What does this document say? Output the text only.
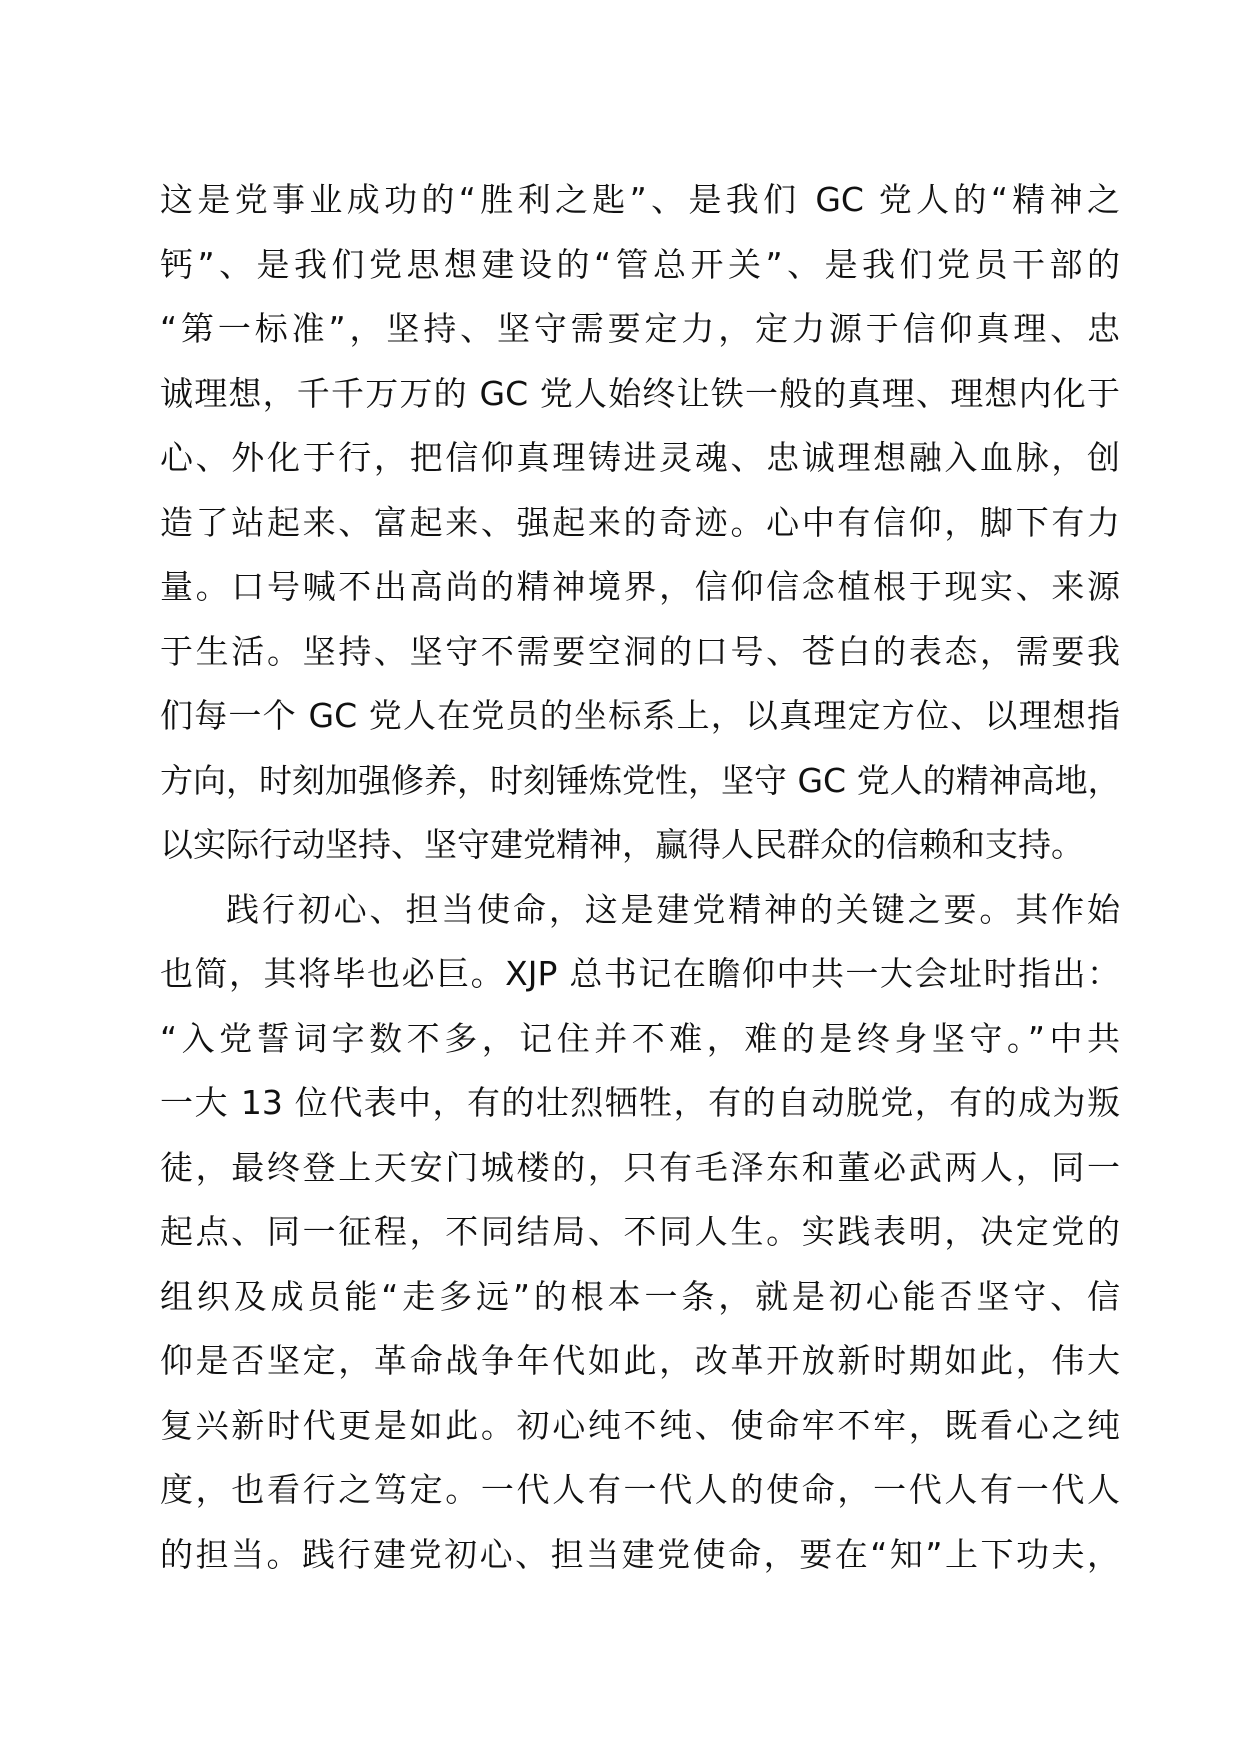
这是党事业成功的“胜利之匙”、是我们 GC 党人的“精神之
钙”、是我们党思想建设的“管总开关”、是我们党员干部的
“第一标准”，坚持、坚守需要定力，定力源于信仰真理、忠
诚理想，千千万万的 GC 党人始终让铁一般的真理、理想内化于
心、外化于行，把信仰真理铸进灵魂、忠诚理想融入血脉，创
造了站起来、富起来、强起来的奇迹。心中有信仰，脚下有力
量。口号喊不出高尚的精神境界，信仰信念植根于现实、来源
于生活。坚持、坚守不需要空洞的口号、苍白的表态，需要我
们每一个 GC 党人在党员的坐标系上，以真理定方位、以理想指
方向，时刻加强修养，时刻锤炼党性，坚守 GC 党人的精神高地，
以实际行动坚持、坚守建党精神，赢得人民群众的信赖和支持。
践行初心、担当使命，这是建党精神的关键之要。其作始
也简，其将毕也必巨。XJP 总书记在瞻仰中共一大会址时指出：
“入党誓词字数不多，记住并不难，难的是终身坚守。”中共
一大 13 位代表中，有的壮烈牺牲，有的自动脱党，有的成为叛
徒，最终登上天安门城楼的，只有毛泽东和董必武两人，同一
起点、同一征程，不同结局、不同人生。实践表明，决定党的
组织及成员能“走多远”的根本一条，就是初心能否坚守、信
仰是否坚定，革命战争年代如此，改革开放新时期如此，伟大
复兴新时代更是如此。初心纯不纯、使命牢不牢，既看心之纯
度，也看行之笃定。一代人有一代人的使命，一代人有一代人
的担当。践行建党初心、担当建党使命，要在“知”上下功夫，
